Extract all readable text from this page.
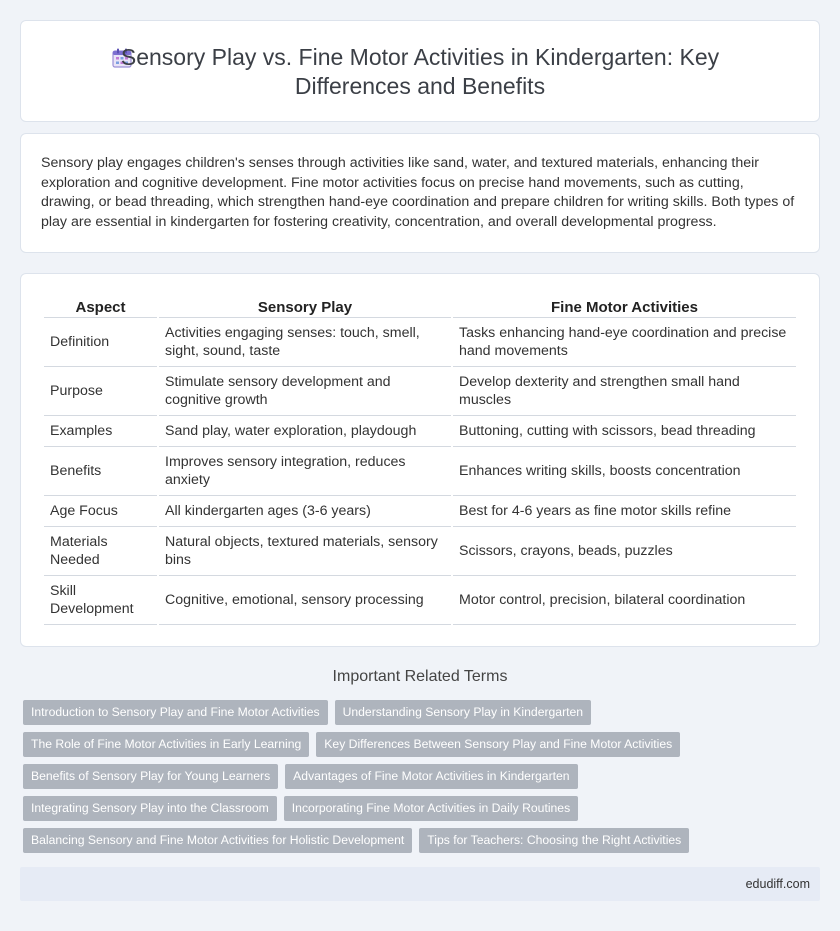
Sensory Play vs. Fine Motor Activities in Kindergarten: Key Differences and Benefits

Sensory play engages children's senses through activities like sand, water, and textured materials, enhancing their exploration and cognitive development. Fine motor activities focus on precise hand movements, such as cutting, drawing, or bead threading, which strengthen hand-eye coordination and prepare children for writing skills. Both types of play are essential in kindergarten for fostering creativity, concentration, and overall developmental progress.

Aspect	Sensory Play	Fine Motor Activities
Definition	Activities engaging senses: touch, smell, sight, sound, taste	Tasks enhancing hand-eye coordination and precise hand movements
Purpose	Stimulate sensory development and cognitive growth	Develop dexterity and strengthen small hand muscles
Examples	Sand play, water exploration, playdough	Buttoning, cutting with scissors, bead threading
Benefits	Improves sensory integration, reduces anxiety	Enhances writing skills, boosts concentration
Age Focus	All kindergarten ages (3-6 years)	Best for 4-6 years as fine motor skills refine
Materials Needed	Natural objects, textured materials, sensory bins	Scissors, crayons, beads, puzzles
Skill Development	Cognitive, emotional, sensory processing	Motor control, precision, bilateral coordination
Important Related Terms
Introduction to Sensory Play and Fine Motor Activities	Understanding Sensory Play in Kindergarten
The Role of Fine Motor Activities in Early Learning	Key Differences Between Sensory Play and Fine Motor Activities
Benefits of Sensory Play for Young Learners	Advantages of Fine Motor Activities in Kindergarten
Integrating Sensory Play into the Classroom	Incorporating Fine Motor Activities in Daily Routines
Balancing Sensory and Fine Motor Activities for Holistic Development	Tips for Teachers: Choosing the Right Activities
edudiff.com
